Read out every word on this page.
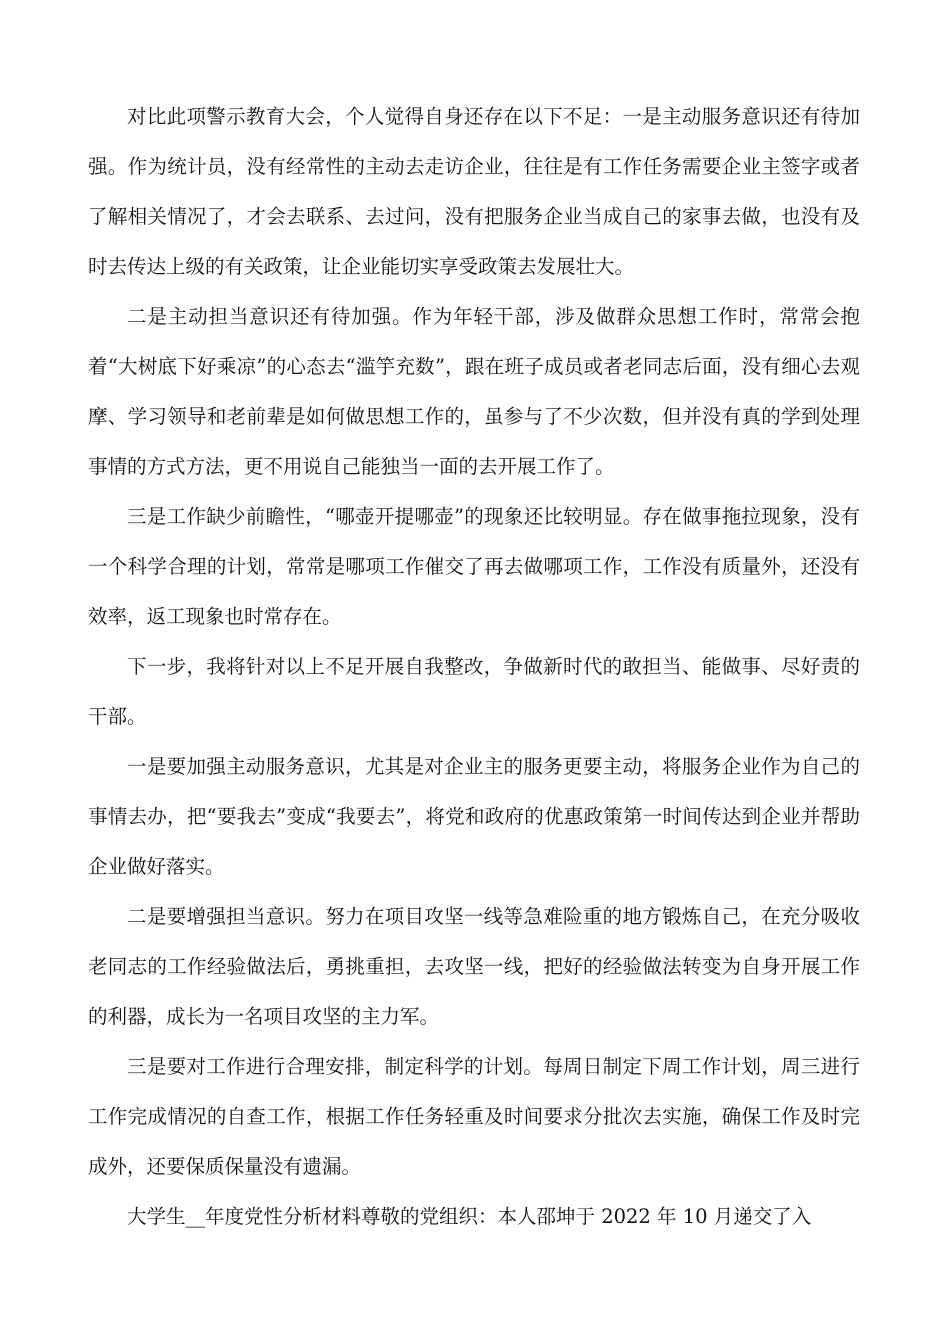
对比此项警示教育大会，个人觉得自身还存在以下不足：一是主动服务意识还有待加强。作为统计员，没有经常性的主动去走访企业，往往是有工作任务需要企业主签字或者了解相关情况了，才会去联系、去过问，没有把服务企业当成自己的家事去做，也没有及时去传达上级的有关政策，让企业能切实享受政策去发展壮大。

二是主动担当意识还有待加强。作为年轻干部，涉及做群众思想工作时，常常会抱着“大树底下好乘凉”的心态去“滥竽充数”，跟在班子成员或者老同志后面，没有细心去观摩、学习领导和老前辈是如何做思想工作的，虽参与了不少次数，但并没有真的学到处理事情的方式方法，更不用说自己能独当一面的去开展工作了。

三是工作缺少前瞻性，“哪壶开提哪壶”的现象还比较明显。存在做事拖拉现象，没有一个科学合理的计划，常常是哪项工作催交了再去做哪项工作，工作没有质量外，还没有效率，返工现象也时常存在。

下一步，我将针对以上不足开展自我整改，争做新时代的敢担当、能做事、尽好责的干部。

一是要加强主动服务意识，尤其是对企业主的服务更要主动，将服务企业作为自己的事情去办，把“要我去”变成“我要去”，将党和政府的优惠政策第一时间传达到企业并帮助企业做好落实。

二是要增强担当意识。努力在项目攻坚一线等急难险重的地方锻炼自己，在充分吸收老同志的工作经验做法后，勇挑重担，去攻坚一线，把好的经验做法转变为自身开展工作的利器，成长为一名项目攻坚的主力军。

三是要对工作进行合理安排，制定科学的计划。每周日制定下周工作计划，周三进行工作完成情况的自查工作，根据工作任务轻重及时间要求分批次去实施，确保工作及时完成外，还要保质保量没有遗漏。

大学生__年度党性分析材料尊敬的党组织：本人邵坤于 2022 年 10 月递交了入
